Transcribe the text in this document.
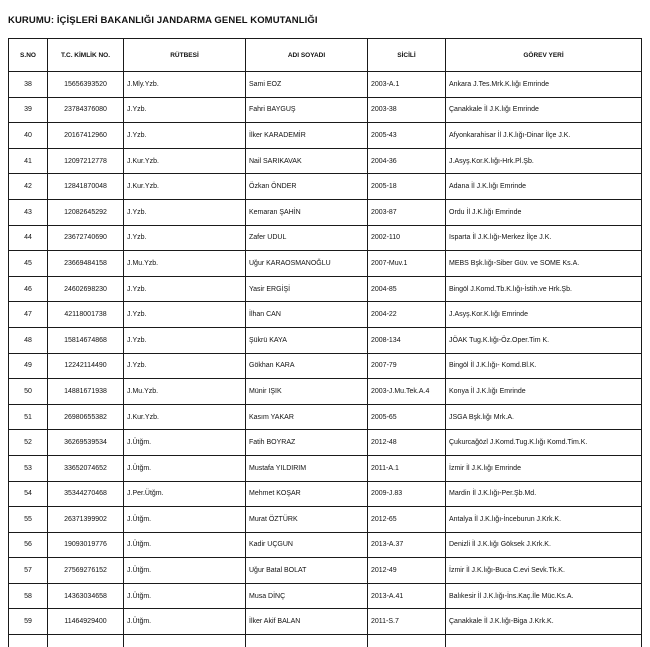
KURUMU: İÇİŞLERİ BAKANLIĞI JANDARMA GENEL KOMUTANLIĞI
S.NO	T.C. KİMLİK NO.	RÜTBESİ	ADI SOYADI	SİCİLİ	GÖREV YERİ
38	15656393520	J.Mly.Yzb.	Sami EOZ	2003-A.1	Ankara J.Tes.Mrk.K.lığı Emrinde
39	23784376080	J.Yzb.	Fahri BAYGUŞ	2003-38	Çanakkale İl J.K.lığı Emrinde
40	20167412960	J.Yzb.	İlker KARADEMİR	2005-43	Afyonkarahisar İl J.K.lığı-Dinar İlçe J.K.
41	12097212778	J.Kur.Yzb.	Nail SARIKAVAK	2004-36	J.Asyş.Kor.K.lığı-Hrk.Pl.Şb.
42	12841870048	J.Kur.Yzb.	Özkan ÖNDER	2005-18	Adana İl J.K.lığı Emrinde
43	12082645292	J.Yzb.	Kemaran ŞAHİN	2003-87	Ordu İl J.K.lığı Emrinde
44	23672740690	J.Yzb.	Zafer UDUL	2002-110	Isparta İl J.K.lığı-Merkez İlçe J.K.
45	23669484158	J.Mu.Yzb.	Uğur KARAOSMANOĞLU	2007-Muv.1	MEBS Bşk.lığı-Siber Güv. ve SOME Ks.A.
46	24602698230	J.Yzb.	Yasir ERGİŞİ	2004-85	Bingöl J.Komd.Tb.K.lığı-İstih.ve Hrk.Şb.
47	42118001738	J.Yzb.	İlhan CAN	2004-22	J.Asyş.Kor.K.lığı Emrinde
48	15814674868	J.Yzb.	Şükrü KAYA	2008-134	JÖAK Tug.K.lığı-Öz.Oper.Tim K.
49	12242114490	J.Yzb.	Gökhan KARA	2007-79	Bingöl İl J.K.lığı- Komd.Bl.K.
50	14881671938	J.Mu.Yzb.	Münir IŞIK	2003-J.Mu.Tek.A.4	Konya İl J.K.lığı Emrinde
51	26980655382	J.Kur.Yzb.	Kasım YAKAR	2005-65	JSGA Bşk.lığı Mrk.A.
52	36269539534	J.Ütğm.	Fatih BOYRAZ	2012-48	Çukurcağözl J.Komd.Tug.K.lığı Komd.Tim.K.
53	33652074652	J.Ütğm.	Mustafa YILDIRIM	2011-A.1	İzmir İl J.K.lığı Emrinde
54	35344270468	J.Per.Ütğm.	Mehmet KOŞAR	2009-J.83	Mardin İl J.K.lığı-Per.Şb.Md.
55	26371399902	J.Ütğm.	Murat ÖZTÜRK	2012-65	Antalya İl J.K.lığı-İnceburun J.Krk.K.
56	19093019776	J.Ütğm.	Kadir UÇGUN	2013-A.37	Denizli İl J.K.lığı Göksek J.Krk.K.
57	27569276152	J.Ütğm.	Uğur Batal BOLAT	2012-49	İzmir İl J.K.lığı-Buca C.evi Sevk.Tk.K.
58	14363034658	J.Ütğm.	Musa DİNÇ	2013-A.41	Balıkesir İl J.K.lığı-İns.Kaç.İle Müc.Ks.A.
59	11464929400	J.Ütğm.	İlker Akif BALAN	2011-S.7	Çanakkale İl J.K.lığı-Biga J.Krk.K.
